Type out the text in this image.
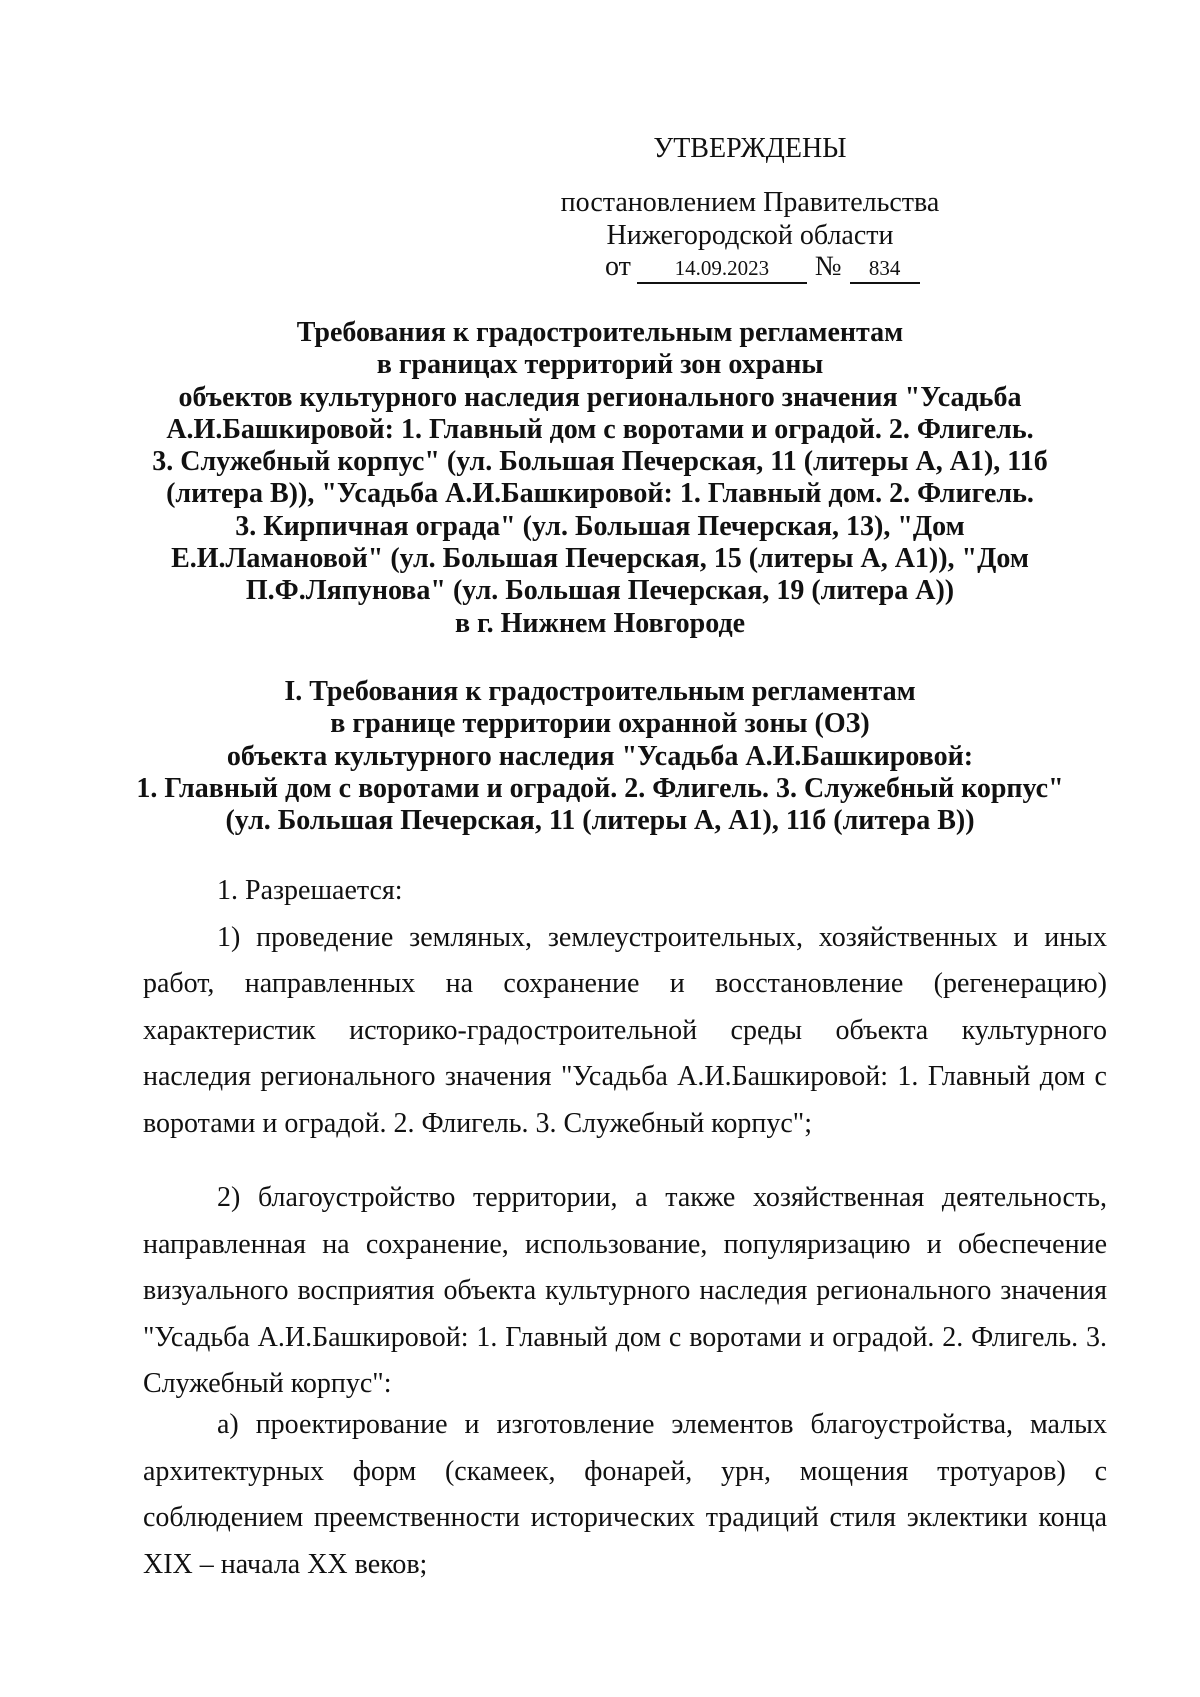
УТВЕРЖДЕНЫ
постановлением Правительства
Нижегородской области
от 14.09.2023 № 834
Требования к градостроительным регламентам
в границах территорий зон охраны
объектов культурного наследия регионального значения "Усадьба
А.И.Башкировой: 1. Главный дом с воротами и оградой. 2. Флигель.
3. Служебный корпус" (ул. Большая Печерская, 11 (литеры А, А1), 11б
(литера В)), "Усадьба А.И.Башкировой: 1. Главный дом. 2. Флигель.
3. Кирпичная ограда" (ул. Большая Печерская, 13), "Дом
Е.И.Ламановой" (ул. Большая Печерская, 15 (литеры А, А1)), "Дом
П.Ф.Ляпунова" (ул. Большая Печерская, 19 (литера А))
в г. Нижнем Новгороде
I. Требования к градостроительным регламентам
в границе территории охранной зоны (ОЗ)
объекта культурного наследия "Усадьба А.И.Башкировой:
1. Главный дом с воротами и оградой. 2. Флигель. 3. Служебный корпус"
(ул. Большая Печерская, 11 (литеры А, А1), 11б (литера В))

1. Разрешается:

1) проведение земляных, землеустроительных, хозяйственных и иных работ, направленных на сохранение и восстановление (регенерацию) характеристик историко-градостроительной среды объекта культурного наследия регионального значения "Усадьба А.И.Башкировой: 1. Главный дом с воротами и оградой. 2. Флигель. 3. Служебный корпус";

2) благоустройство территории, а также хозяйственная деятельность, направленная на сохранение, использование, популяризацию и обеспечение визуального восприятия объекта культурного наследия регионального значения "Усадьба А.И.Башкировой: 1. Главный дом с воротами и оградой. 2. Флигель. 3. Служебный корпус":

а) проектирование и изготовление элементов благоустройства, малых архитектурных форм (скамеек, фонарей, урн, мощения тротуаров) с соблюдением преемственности исторических традиций стиля эклектики конца XIX – начала XX веков;
